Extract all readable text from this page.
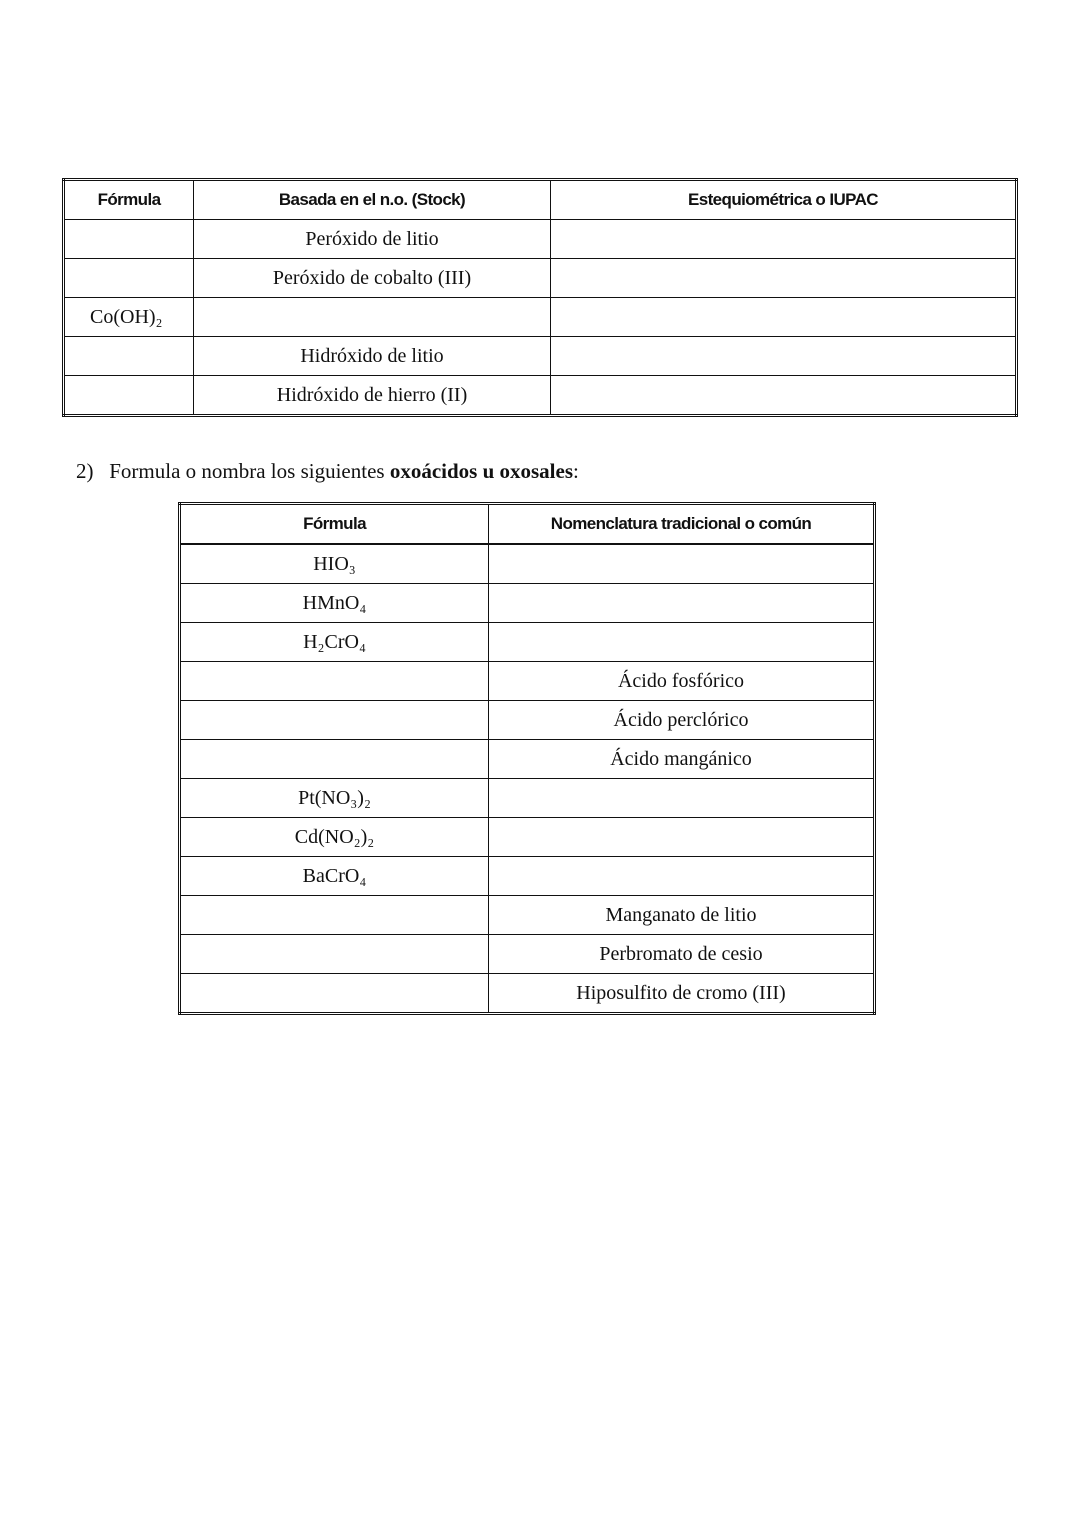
Fórmula	Basada en el n.o. (Stock)	Estequiométrica o IUPAC
	Peróxido de litio	
	Peróxido de cobalto (III)	
Co(OH)₂		
	Hidróxido de litio	
	Hidróxido de hierro (II)	

2) Formula o nombra los siguientes oxoácidos u oxosales:

Fórmula	Nomenclatura tradicional o común
HIO₃	
HMnO₄	
H₂CrO₄	
	Ácido fosfórico
	Ácido perclórico
	Ácido mangánico
Pt(NO₃)₂	
Cd(NO₂)₂	
BaCrO₄	
	Manganato de litio
	Perbromato de cesio
	Hiposulfito de cromo (III)
